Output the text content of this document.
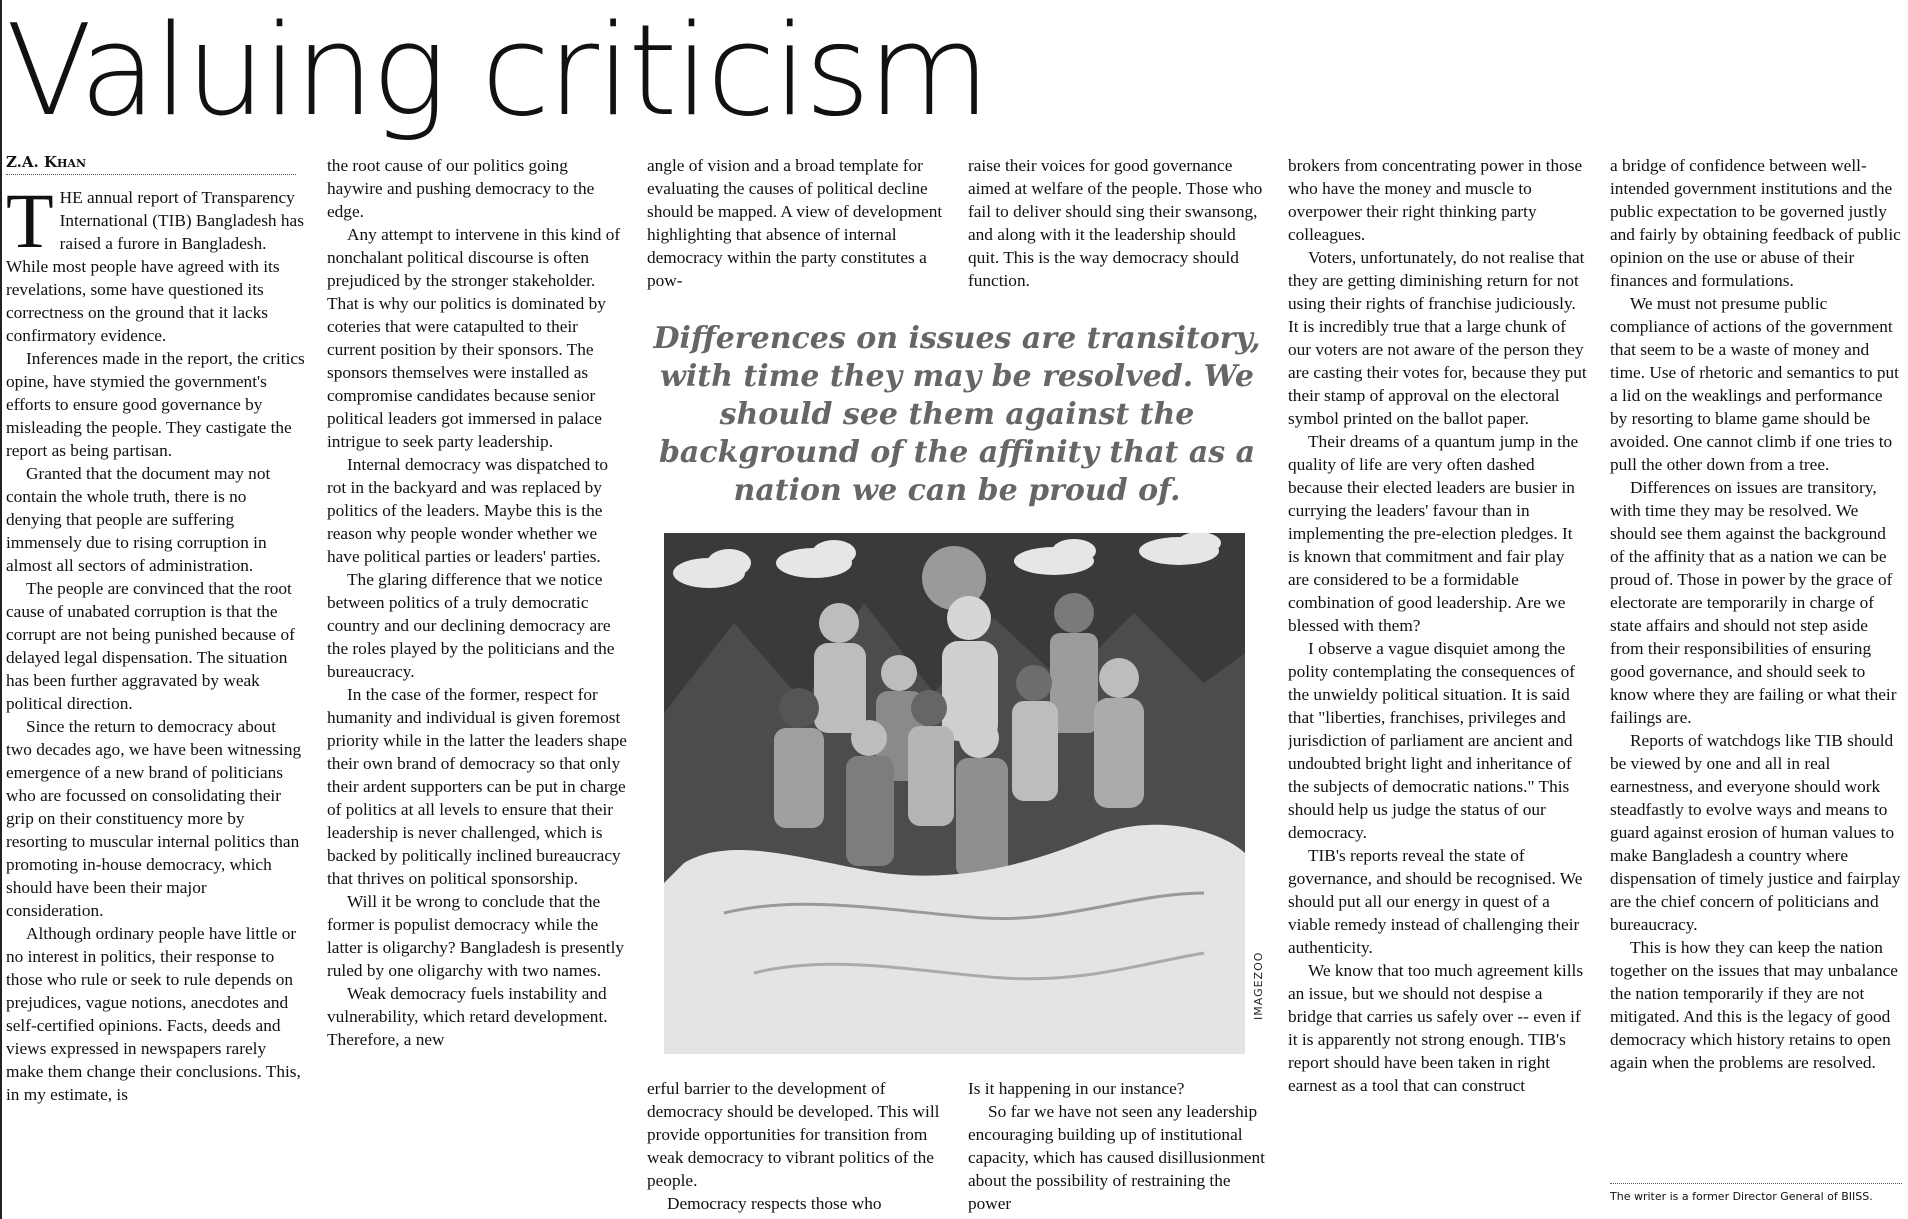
Valuing criticism
Z.A. Khan

THE annual report of Transparency International (TIB) Bangladesh has raised a furore in Bangladesh. While most people have agreed with its revelations, some have questioned its correctness on the ground that it lacks confirmatory evidence.

Inferences made in the report, the critics opine, have stymied the government's efforts to ensure good governance by misleading the people. They castigate the report as being partisan.

Granted that the document may not contain the whole truth, there is no denying that people are suffering immensely due to rising corruption in almost all sectors of administration.

The people are convinced that the root cause of unabated corruption is that the corrupt are not being punished because of delayed legal dispensation. The situation has been further aggravated by weak political direction.

Since the return to democracy about two decades ago, we have been witnessing emergence of a new brand of politicians who are focussed on consolidating their grip on their constituency more by resorting to muscular internal politics than promoting in-house democracy, which should have been their major consideration.

Although ordinary people have little or no interest in politics, their response to those who rule or seek to rule depends on prejudices, vague notions, anecdotes and self-certified opinions. Facts, deeds and views expressed in newspapers rarely make them change their conclusions. This, in my estimate, is

the root cause of our politics going haywire and pushing democracy to the edge.

Any attempt to intervene in this kind of nonchalant political discourse is often prejudiced by the stronger stakeholder. That is why our politics is dominated by coteries that were catapulted to their current position by their sponsors. The sponsors themselves were installed as compromise candidates because senior political leaders got immersed in palace intrigue to seek party leadership.

Internal democracy was dispatched to rot in the backyard and was replaced by politics of the leaders. Maybe this is the reason why people wonder whether we have political parties or leaders' parties.

The glaring difference that we notice between politics of a truly democratic country and our declining democracy are the roles played by the politicians and the bureaucracy.

In the case of the former, respect for humanity and individual is given foremost priority while in the latter the leaders shape their own brand of democracy so that only their ardent supporters can be put in charge of politics at all levels to ensure that their leadership is never challenged, which is backed by politically inclined bureaucracy that thrives on political sponsorship.

Will it be wrong to conclude that the former is populist democracy while the latter is oligarchy? Bangladesh is presently ruled by one oligarchy with two names.

Weak democracy fuels instability and vulnerability, which retard development. Therefore, a new

angle of vision and a broad template for evaluating the causes of political decline should be mapped. A view of development highlighting that absence of internal democracy within the party constitutes a pow-

raise their voices for good governance aimed at welfare of the people. Those who fail to deliver should sing their swansong, and along with it the leadership should quit. This is the way democracy should function.

Differences on issues are transitory, with time they may be resolved. We should see them against the background of the affinity that as a nation we can be proud of.
IMAGEZOO

erful barrier to the development of democracy should be developed. This will provide opportunities for transition from weak democracy to vibrant politics of the people.

Democracy respects those who

Is it happening in our instance?

So far we have not seen any leadership encouraging building up of institutional capacity, which has caused disillusionment about the possibility of restraining the power

brokers from concentrating power in those who have the money and muscle to overpower their right thinking party colleagues.

Voters, unfortunately, do not realise that they are getting diminishing return for not using their rights of franchise judiciously. It is incredibly true that a large chunk of our voters are not aware of the person they are casting their votes for, because they put their stamp of approval on the electoral symbol printed on the ballot paper.

Their dreams of a quantum jump in the quality of life are very often dashed because their elected leaders are busier in currying the leaders' favour than in implementing the pre-election pledges. It is known that commitment and fair play are considered to be a formidable combination of good leadership. Are we blessed with them?

I observe a vague disquiet among the polity contemplating the consequences of the unwieldy political situation. It is said that "liberties, franchises, privileges and jurisdiction of parliament are ancient and undoubted bright light and inheritance of the subjects of democratic nations." This should help us judge the status of our democracy.

TIB's reports reveal the state of governance, and should be recognised. We should put all our energy in quest of a viable remedy instead of challenging their authenticity.

We know that too much agreement kills an issue, but we should not despise a bridge that carries us safely over -- even if it is apparently not strong enough. TIB's report should have been taken in right earnest as a tool that can construct

a bridge of confidence between well-intended government institutions and the public expectation to be governed justly and fairly by obtaining feedback of public opinion on the use or abuse of their finances and formulations.

We must not presume public compliance of actions of the government that seem to be a waste of money and time. Use of rhetoric and semantics to put a lid on the weaklings and performance by resorting to blame game should be avoided. One cannot climb if one tries to pull the other down from a tree.

Differences on issues are transitory, with time they may be resolved. We should see them against the background of the affinity that as a nation we can be proud of. Those in power by the grace of electorate are temporarily in charge of state affairs and should not step aside from their responsibilities of ensuring good governance, and should seek to know where they are failing or what their failings are.

Reports of watchdogs like TIB should be viewed by one and all in real earnestness, and everyone should work steadfastly to evolve ways and means to guard against erosion of human values to make Bangladesh a country where dispensation of timely justice and fairplay are the chief concern of politicians and bureaucracy.

This is how they can keep the nation together on the issues that may unbalance the nation temporarily if they are not mitigated. And this is the legacy of good democracy which history retains to open again when the problems are resolved.

The writer is a former Director General of BIISS.
